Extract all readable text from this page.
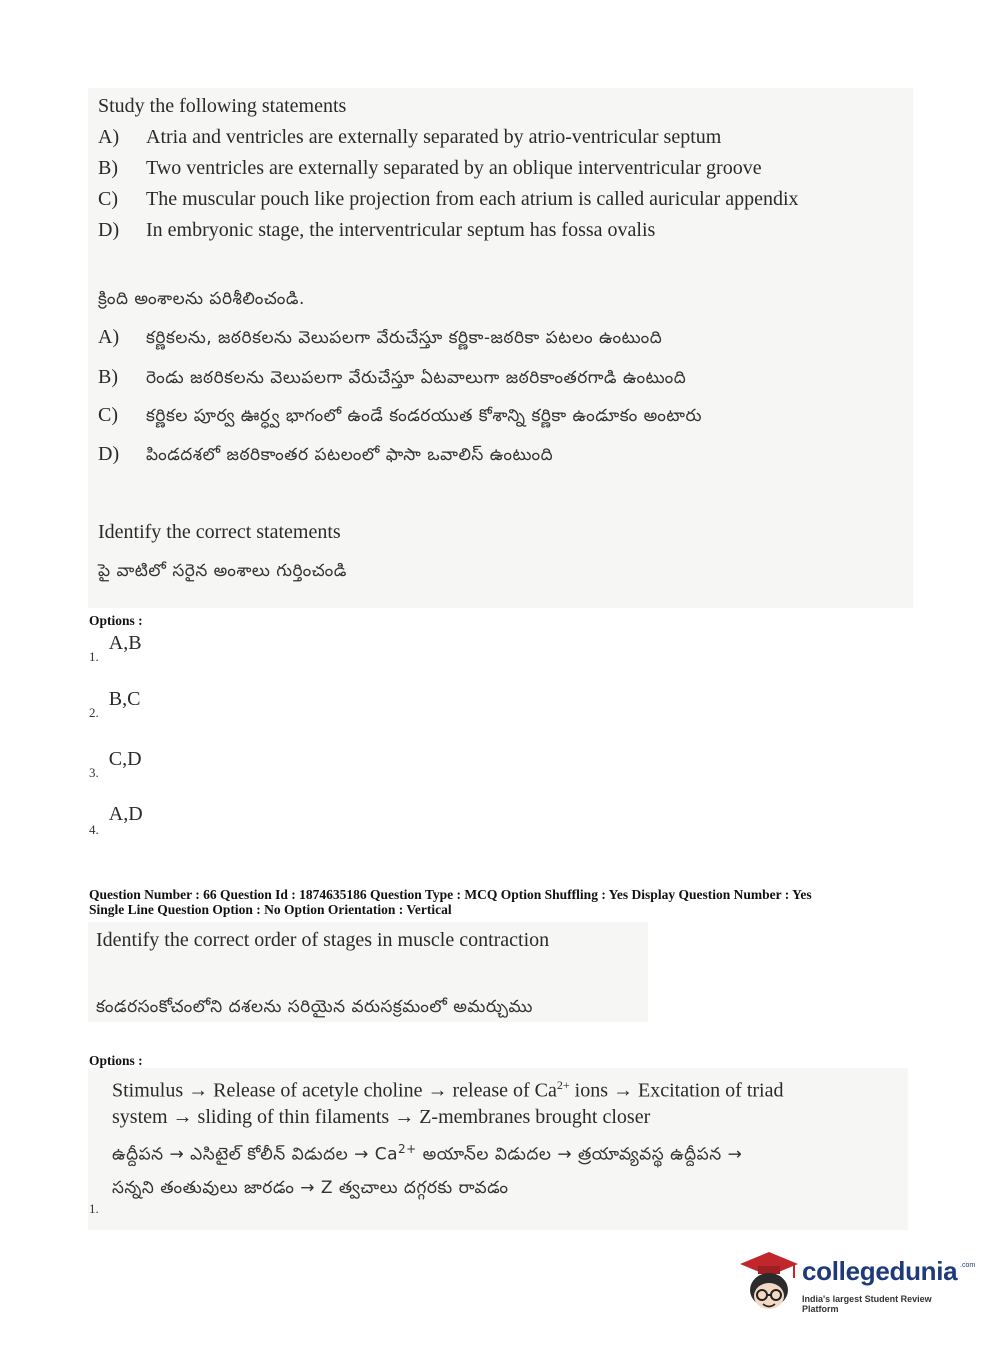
Study the following statements
A) Atria and ventricles are externally separated by atrio-ventricular septum
B) Two ventricles are externally separated by an oblique interventricular groove
C) The muscular pouch like projection from each atrium is called auricular appendix
D) In embryonic stage, the interventricular septum has fossa ovalis
క్రింది అంశాలను పరిశీలించండి.
A) కర్ణికలను, జఠరికలను వెలుపలగా వేరుచేస్తూ కర్ణికా-జఠరికా పటలం ఉంటుంది
B) రెండు జఠరికలను వెలుపలగా వేరుచేస్తూ ఏటవాలుగా జఠరికాంతరగాడి ఉంటుంది
C) కర్ణికల పూర్వ ఊర్ధ్వ భాగంలో ఉండే కండరయుత కోశాన్ని కర్ణికా ఉండూకం అంటారు
D) పిండదశలో జఠరికాంతర పటలంలో ఫాసా ఒవాలిస్ ఉంటుంది
Identify the correct statements
పై వాటిలో సరైన అంశాలు గుర్తించండి
Options :
$_{1.}$ A,B
$_{2.}$ B,C
$_{3.}$ C,D
$_{4.}$ A,D
Question Number : 66 Question Id : 1874635186 Question Type : MCQ Option Shuffling : Yes Display Question Number : Yes
Single Line Question Option : No Option Orientation : Vertical
Identify the correct order of stages in muscle contraction
కండరసంకోచంలోని దశలను సరియైన వరుసక్రమంలో అమర్చుము
Options :
Stimulus → Release of acetyle choline → release of $Ca^{2+}$ ions → Excitation of triad
system → sliding of thin filaments → Z-membranes brought closer
ఉద్దీపన → ఎసిటైల్ కోలీన్ విడుదల → $Ca^{2+}$ అయాన్‌ల విడుదల → త్రయావ్యవస్థ ఉద్దీపన →
సన్నని తంతువులు జారడం → Z త్వచాలు దగ్గరకు రావడం
1.
collegedunia .com
India's largest Student Review Platform
